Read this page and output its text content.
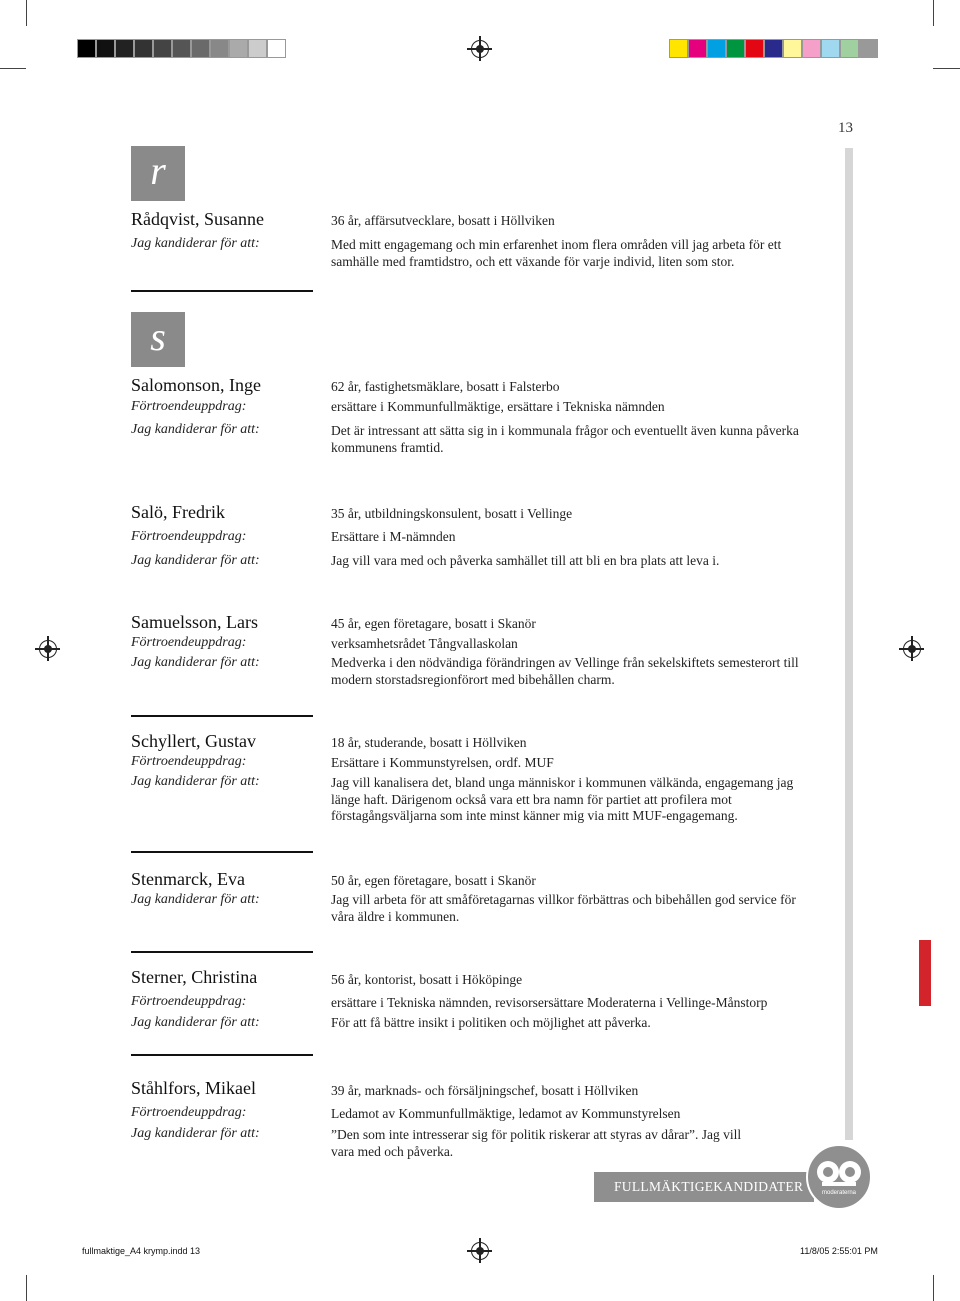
13
r
Rådqvist, Susanne	36 år, affärsutvecklare, bosatt i Höllviken
Jag kandiderar för att:	Med mitt engagemang och min erfarenhet inom flera områden vill jag arbeta för ett samhälle med framtidstro, och ett växande för varje individ, liten som stor.
s
Salomonson, Inge	62 år, fastighetsmäklare, bosatt i Falsterbo
Förtroendeuppdrag:	ersättare i Kommunfullmäktige, ersättare i Tekniska nämnden
Jag kandiderar för att:	Det är intressant att sätta sig in i kommunala frågor och eventuellt även kunna påverka kommunens framtid.
Salö, Fredrik	35 år, utbildningskonsulent, bosatt i Vellinge
Förtroendeuppdrag:	Ersättare i M-nämnden
Jag kandiderar för att:	Jag vill vara med och påverka samhället till att bli en bra plats att leva i.
Samuelsson, Lars	45 år, egen företagare, bosatt i Skanör
Förtroendeuppdrag:	verksamhetsrådet Tångvallaskolan
Jag kandiderar för att:	Medverka i den nödvändiga förändringen av Vellinge från sekelskiftets semesterort till modern storstadsregionförort med bibehållen charm.
Schyllert, Gustav	18 år, studerande, bosatt i Höllviken
Förtroendeuppdrag:	Ersättare i Kommunstyrelsen, ordf. MUF
Jag kandiderar för att:	Jag vill kanalisera det, bland unga människor i kommunen välkända, engagemang jag länge haft. Därigenom också vara ett bra namn för partiet att profilera mot förstagångsväljarna som inte minst känner mig via mitt MUF-engagemang.
Stenmarck, Eva	50 år, egen företagare, bosatt i Skanör
Jag kandiderar för att:	Jag vill arbeta för att småföretagarnas villkor förbättras och bibehållen god service för våra äldre i kommunen.
Sterner, Christina	56 år, kontorist, bosatt i Hököpinge
Förtroendeuppdrag:	ersättare i Tekniska nämnden, revisorsersättare Moderaterna i Vellinge-Månstorp
Jag kandiderar för att:	För att få bättre insikt i politiken och möjlighet att påverka.
Ståhlfors, Mikael	39 år, marknads- och försäljningschef, bosatt i Höllviken
Förtroendeuppdrag:	Ledamot av Kommunfullmäktige, ledamot av Kommunstyrelsen
Jag kandiderar för att:	”Den som inte intresserar sig för politik riskerar att styras av dårar”. Jag vill vara med och påverka.
FULLMÄKTIGEKANDIDATER	moderaterna
fullmaktige_A4 krymp.indd 13	11/8/05 2:55:01 PM
